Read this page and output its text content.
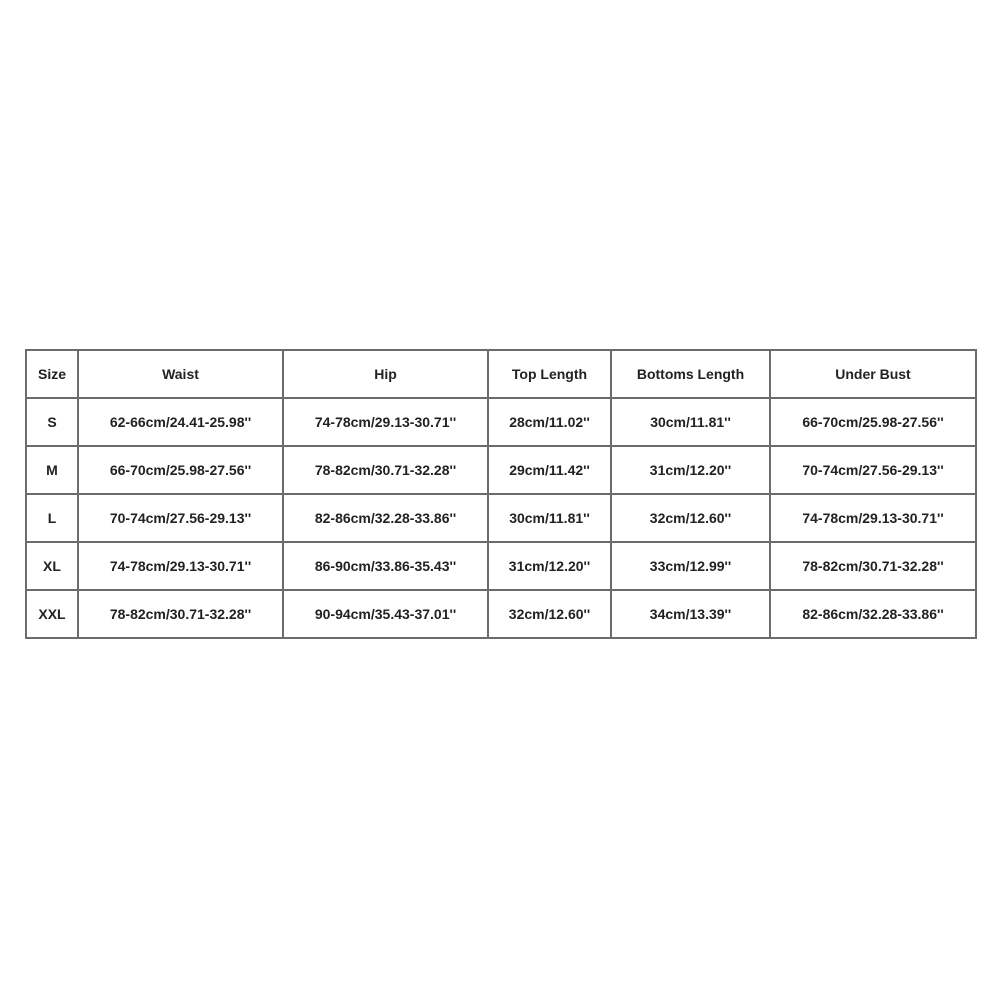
Size	Waist	Hip	Top Length	Bottoms Length	Under Bust
S	62-66cm/24.41-25.98''	74-78cm/29.13-30.71''	28cm/11.02''	30cm/11.81''	66-70cm/25.98-27.56''
M	66-70cm/25.98-27.56''	78-82cm/30.71-32.28''	29cm/11.42''	31cm/12.20''	70-74cm/27.56-29.13''
L	70-74cm/27.56-29.13''	82-86cm/32.28-33.86''	30cm/11.81''	32cm/12.60''	74-78cm/29.13-30.71''
XL	74-78cm/29.13-30.71''	86-90cm/33.86-35.43''	31cm/12.20''	33cm/12.99''	78-82cm/30.71-32.28''
XXL	78-82cm/30.71-32.28''	90-94cm/35.43-37.01''	32cm/12.60''	34cm/13.39''	82-86cm/32.28-33.86''
